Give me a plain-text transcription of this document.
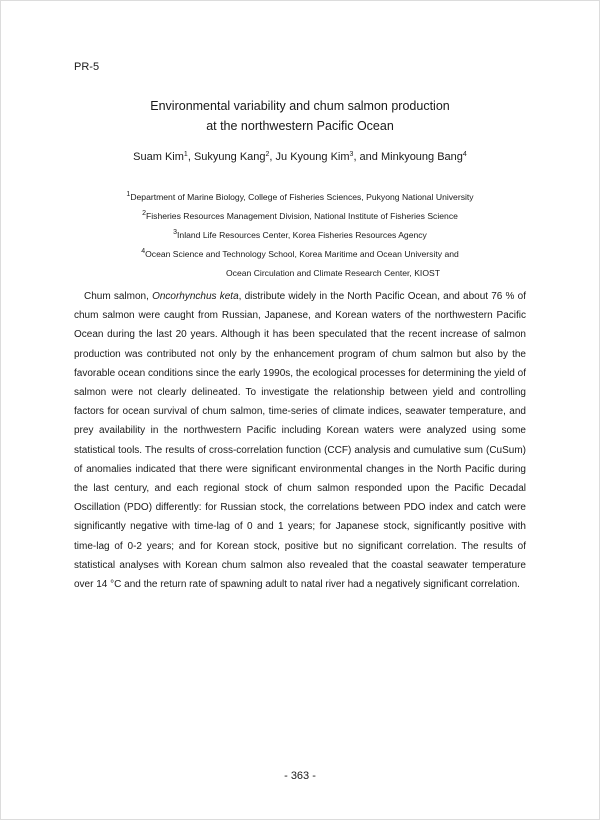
PR-5
Environmental variability and chum salmon production
at the northwestern Pacific Ocean
Suam Kim$^1$, Sukyung Kang$^2$, Ju Kyoung Kim$^3$, and Minkyoung Bang$^4$
$^1$Department of Marine Biology, College of Fisheries Sciences, Pukyong National University
$^2$Fisheries Resources Management Division, National Institute of Fisheries Science
$^3$Inland Life Resources Center, Korea Fisheries Resources Agency
$^4$Ocean Science and Technology School, Korea Maritime and Ocean University and
Ocean Circulation and Climate Research Center, KIOST

Chum salmon, Oncorhynchus keta, distribute widely in the North Pacific Ocean, and about 76 % of chum salmon were caught from Russian, Japanese, and Korean waters of the northwestern Pacific Ocean during the last 20 years. Although it has been speculated that the recent increase of salmon production was contributed not only by the enhancement program of chum salmon but also by the favorable ocean conditions since the early 1990s, the ecological processes for determining the yield of salmon were not clearly delineated. To investigate the relationship between yield and controlling factors for ocean survival of chum salmon, time-series of climate indices, seawater temperature, and prey availability in the northwestern Pacific including Korean waters were analyzed using some statistical tools. The results of cross-correlation function (CCF) analysis and cumulative sum (CuSum) of anomalies indicated that there were significant environmental changes in the North Pacific during the last century, and each regional stock of chum salmon responded upon the Pacific Decadal Oscillation (PDO) differently: for Russian stock, the correlations between PDO index and catch were significantly negative with time-lag of 0 and 1 years; for Japanese stock, significantly positive with time-lag of 0-2 years; and for Korean stock, positive but no significant correlation. The results of statistical analyses with Korean chum salmon also revealed that the coastal seawater temperature over 14 °C and the return rate of spawning adult to natal river had a negatively significant correlation.

- 363 -
